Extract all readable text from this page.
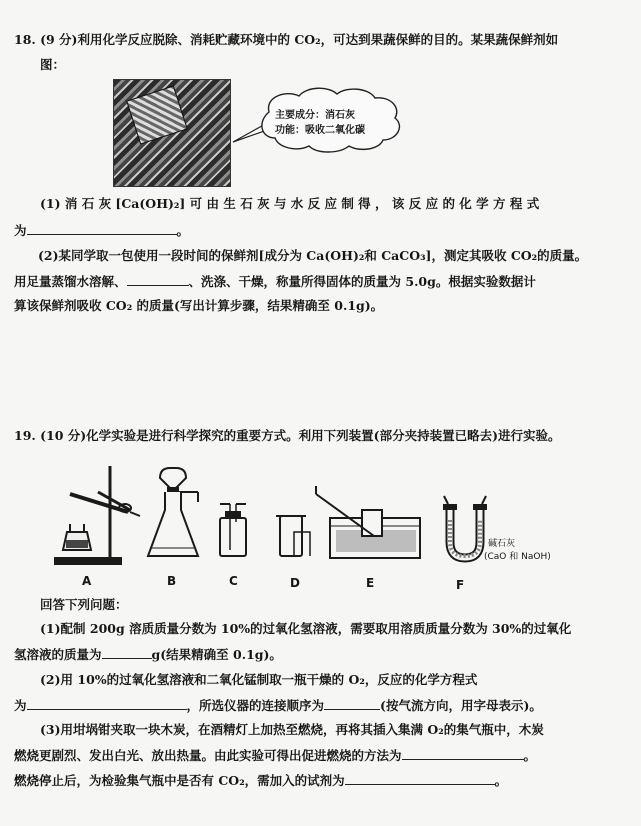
18. (9 分)利用化学反应脱除、消耗贮藏环境中的 CO₂，可达到果蔬保鲜的目的。某果蔬保鲜剂如
图：
主要成分：消石灰
功能：吸收二氧化碳
(1) 消 石 灰 [Ca(OH)₂] 可 由 生 石 灰 与 水 反 应 制 得 ， 该 反 应 的 化 学 方 程 式
为	。
(2)某同学取一包使用一段时间的保鲜剂[成分为 Ca(OH)₂和 CaCO₃]，测定其吸收 CO₂的质量。
用足量蒸馏水溶解、	、洗涤、干燥，称量所得固体的质量为 5.0g。根据实验数据计
算该保鲜剂吸收 CO₂ 的质量(写出计算步骤，结果精确至 0.1g)。
19. (10 分)化学实验是进行科学探究的重要方式。利用下列装置(部分夹持装置已略去)进行实验。
A	B	C	D	E	F
碱石灰
(CaO 和 NaOH)
回答下列问题：
(1)配制 200g 溶质质量分数为 10%的过氧化氢溶液，需要取用溶质质量分数为 30%的过氧化
氢溶液的质量为	g(结果精确至 0.1g)。
(2)用 10%的过氧化氢溶液和二氧化锰制取一瓶干燥的 O₂，反应的化学方程式
为	，所选仪器的连接顺序为	(按气流方向，用字母表示)。
(3)用坩埚钳夹取一块木炭，在酒精灯上加热至燃烧，再将其插入集满 O₂的集气瓶中，木炭
燃烧更剧烈、发出白光、放出热量。由此实验可得出促进燃烧的方法为	。
燃烧停止后，为检验集气瓶中是否有 CO₂，需加入的试剂为	。
